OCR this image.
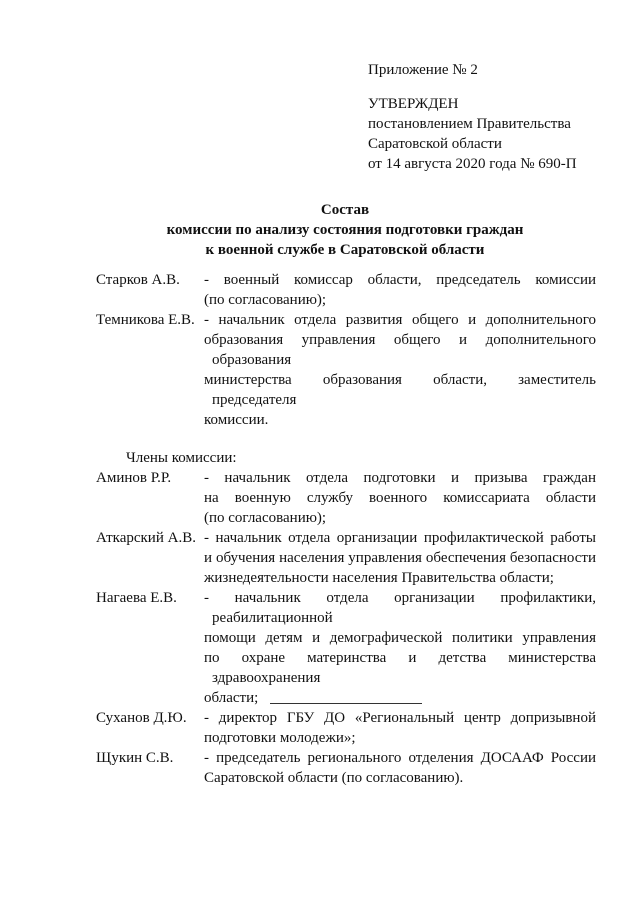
Приложение № 2
УТВЕРЖДЕН
постановлением Правительства
Саратовской области
от 14 августа 2020 года № 690-П
Состав
комиссии по анализу состояния подготовки граждан
к военной службе в Саратовской области
Старков А.В.	- военный комиссар области, председатель комиссии
(по согласованию);
Темникова Е.В. - начальник отдела развития общего и дополнительного
образования управления общего и дополнительного образования
министерства образования области, заместитель председателя
комиссии.
Члены комиссии:
Аминов Р.Р.	- начальник отдела подготовки и призыва граждан
на военную службу военного комиссариата области
(по согласованию);
Аткарский А.В. - начальник отдела организации профилактической работы
и обучения населения управления обеспечения безопасности
жизнедеятельности населения Правительства области;
Нагаева Е.В.	- начальник отдела организации профилактики, реабилитационной
помощи детям и демографической политики управления
по охране материнства и детства министерства здравоохранения
области;
Суханов Д.Ю.	- директор ГБУ ДО «Региональный центр допризывной
подготовки молодежи»;
Щукин С.В.	- председатель регионального отделения ДОСААФ России
Саратовской области (по согласованию).
